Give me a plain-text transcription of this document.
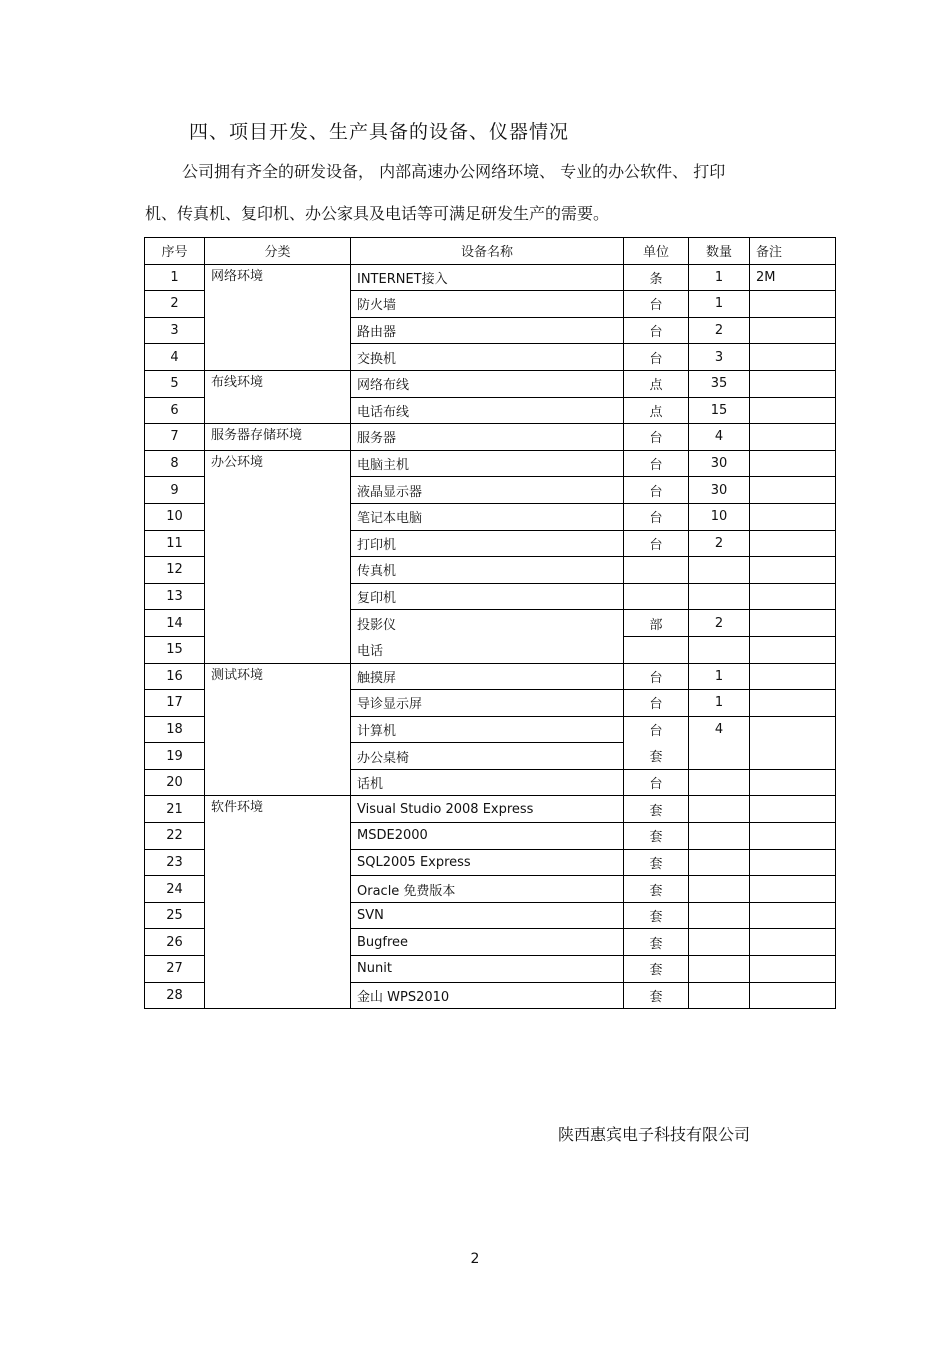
四、项目开发、生产具备的设备、仪器情况
公司拥有齐全的研发设备， 内部高速办公网络环境、 专业的办公软件、 打印
机、传真机、复印机、办公家具及电话等可满足研发生产的需要。
序号	分类	设备名称	单位	数量	备注
1	网络环境	INTERNET接入	条	1	2M
2		防火墙	台	1	
3		路由器	台	2	
4		交换机	台	3	
5	布线环境	网络布线	点	35	
6		电话布线	点	15	
7	服务器存储环境	服务器	台	4	
8	办公环境	电脑主机	台	30	
9		液晶显示器	台	30	
10		笔记本电脑	台	10	
11		打印机	台	2	
12		传真机			
13		复印机			
14		投影仪	部	2	
15		电话			
16	测试环境	触摸屏	台	1	
17		导诊显示屏	台	1	
18		计算机	台	4	
19		办公桌椅	套		
20		话机	台		
21	软件环境	Visual Studio 2008 Express	套		
22		MSDE2000	套		
23		SQL2005 Express	套		
24		Oracle 免费版本	套		
25		SVN	套		
26		Bugfree	套		
27		Nunit	套		
28		金山 WPS2010	套		
陕西惠宾电子科技有限公司
2
